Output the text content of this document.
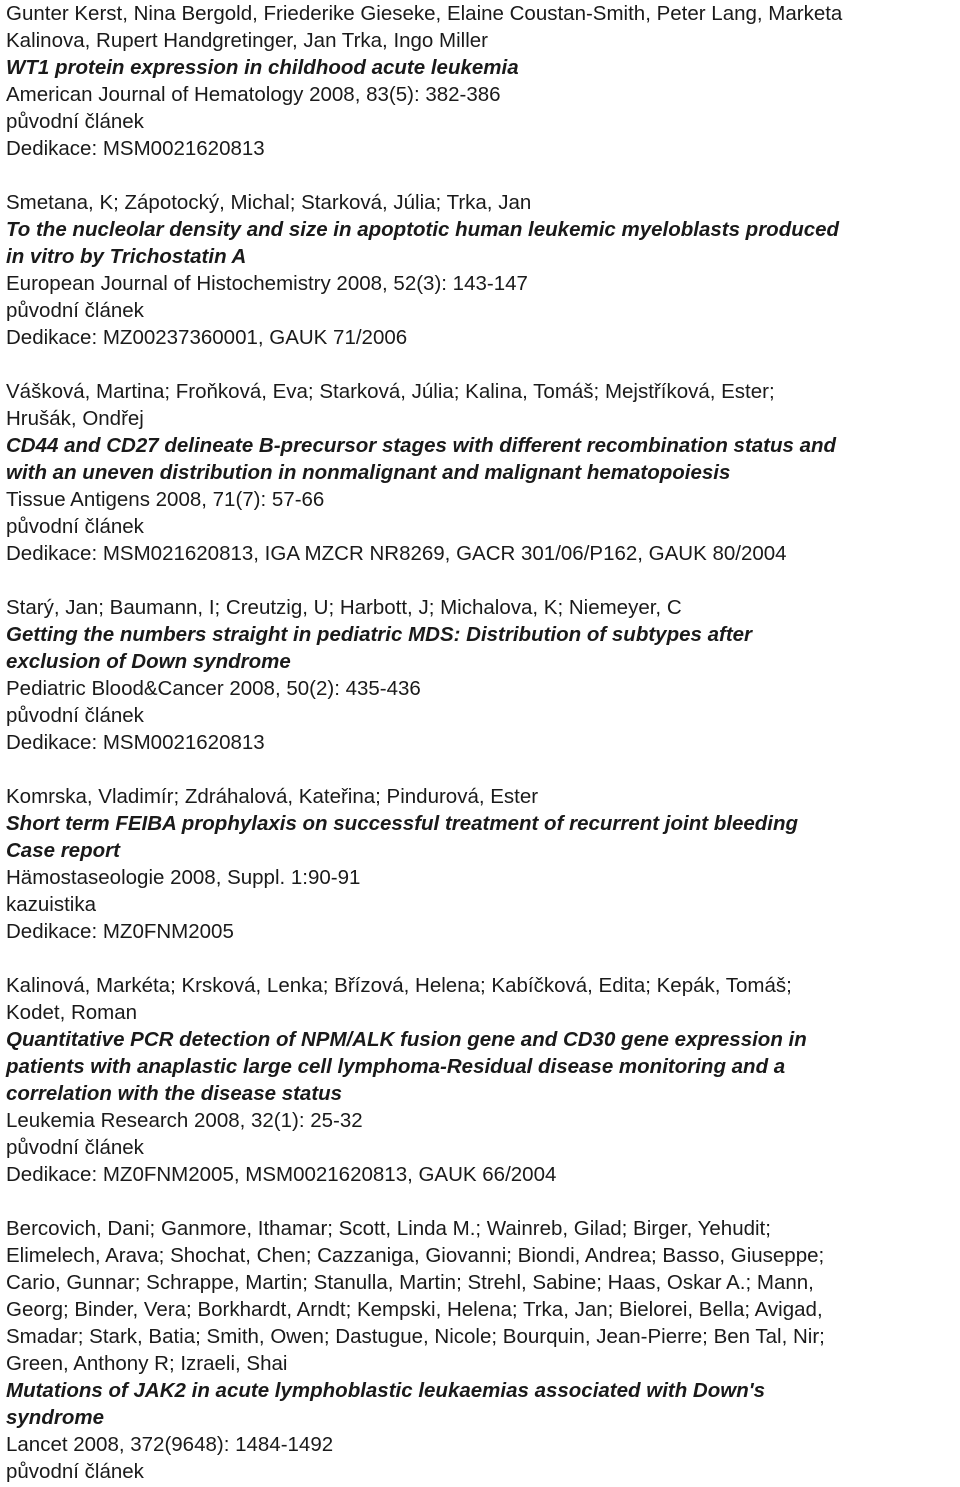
Gunter Kerst, Nina Bergold, Friederike Gieseke, Elaine Coustan-Smith, Peter Lang, Marketa
Kalinova, Rupert Handgretinger, Jan Trka, Ingo Miller
WT1 protein expression in childhood acute leukemia
American Journal of Hematology 2008, 83(5): 382-386
původní článek
Dedikace: MSM0021620813
Smetana, K; Zápotocký, Michal; Starková, Júlia; Trka, Jan
To the nucleolar density and size in apoptotic human leukemic myeloblasts produced
in vitro by Trichostatin A
European Journal of Histochemistry 2008, 52(3): 143-147
původní článek
Dedikace: MZ00237360001, GAUK 71/2006
Vášková, Martina; Froňková, Eva; Starková, Júlia; Kalina, Tomáš; Mejstříková, Ester;
Hrušák, Ondřej
CD44 and CD27 delineate B-precursor stages with different recombination status and
with an uneven distribution in nonmalignant and malignant hematopoiesis
Tissue Antigens 2008, 71(7): 57-66
původní článek
Dedikace: MSM021620813, IGA MZCR NR8269, GACR 301/06/P162, GAUK 80/2004
Starý, Jan; Baumann, I; Creutzig, U; Harbott, J; Michalova, K; Niemeyer, C
Getting the numbers straight in pediatric MDS: Distribution of subtypes after
exclusion of Down syndrome
Pediatric Blood&Cancer 2008, 50(2): 435-436
původní článek
Dedikace: MSM0021620813
Komrska, Vladimír; Zdráhalová, Kateřina; Pindurová, Ester
Short term FEIBA prophylaxis on successful treatment of recurrent joint bleeding
Case report
Hämostaseologie 2008, Suppl. 1:90-91
kazuistika
Dedikace: MZ0FNM2005
Kalinová, Markéta; Krsková, Lenka; Břízová, Helena; Kabíčková, Edita; Kepák, Tomáš;
Kodet, Roman
Quantitative PCR detection of NPM/ALK fusion gene and CD30 gene expression in
patients with anaplastic large cell lymphoma-Residual disease monitoring and a
correlation with the disease status
Leukemia Research 2008, 32(1): 25-32
původní článek
Dedikace: MZ0FNM2005, MSM0021620813, GAUK 66/2004
Bercovich, Dani; Ganmore, Ithamar; Scott, Linda M.; Wainreb, Gilad; Birger, Yehudit;
Elimelech, Arava; Shochat, Chen; Cazzaniga, Giovanni; Biondi, Andrea; Basso, Giuseppe;
Cario, Gunnar; Schrappe, Martin; Stanulla, Martin; Strehl, Sabine; Haas, Oskar A.; Mann,
Georg; Binder, Vera; Borkhardt, Arndt; Kempski, Helena; Trka, Jan; Bielorei, Bella; Avigad,
Smadar; Stark, Batia; Smith, Owen; Dastugue, Nicole; Bourquin, Jean-Pierre; Ben Tal, Nir;
Green, Anthony R; Izraeli, Shai
Mutations of JAK2 in acute lymphoblastic leukaemias associated with Down's
syndrome
Lancet 2008, 372(9648): 1484-1492
původní článek
